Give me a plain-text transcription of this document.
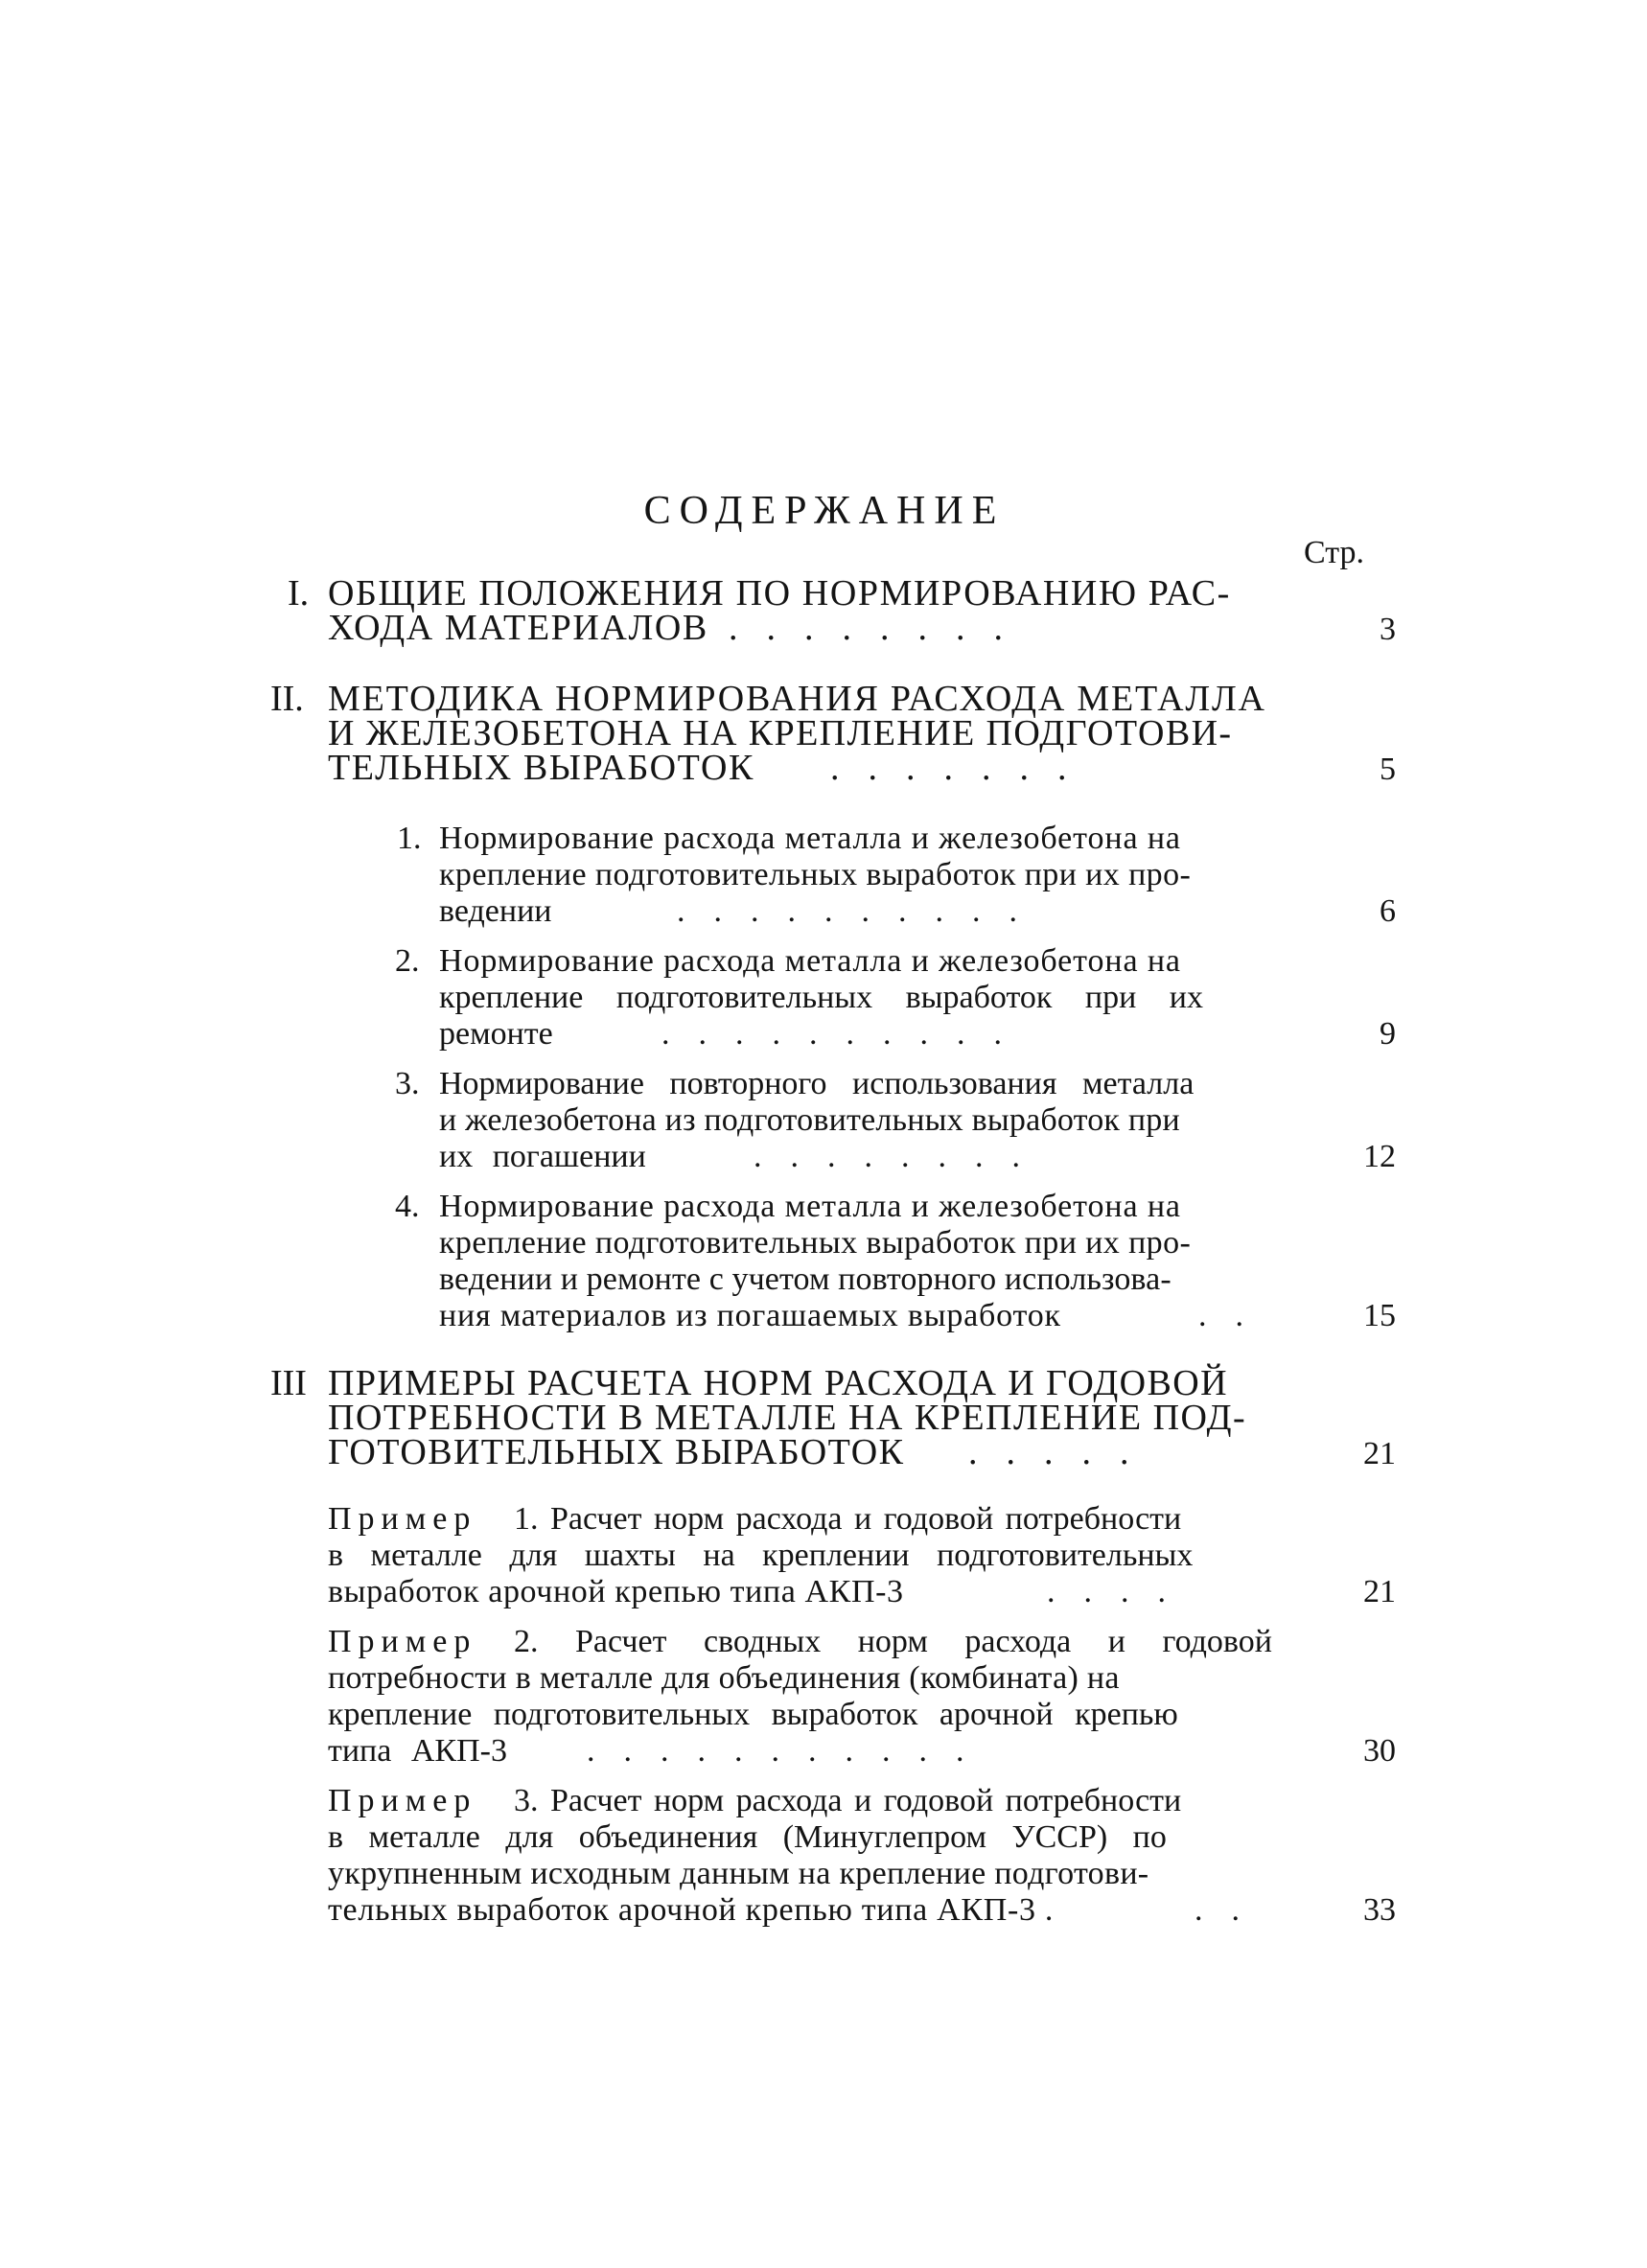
СОДЕРЖАНИЕ
Стр.
I. ОБЩИЕ ПОЛОЖЕНИЯ ПО НОРМИРОВАНИЮ РАС-
ХОДА МАТЕРИАЛОВ ........	3
II. МЕТОДИКА НОРМИРОВАНИЯ РАСХОДА МЕТАЛЛА
И ЖЕЛЕЗОБЕТОНА НА КРЕПЛЕНИЕ ПОДГОТОВИ-
ТЕЛЬНЫХ ВЫРАБОТОК .......	5
1. Нормирование расхода металла и железобетона на
крепление подготовительных выработок при их про-
ведении	..........	6
2. Нормирование расхода металла и железобетона на
крепление подготовительных выработок при их
ремонте	..........	9
3. Нормирование повторного использования металла
и железобетона из подготовительных выработок при
их погашении	........	12
4. Нормирование расхода металла и железобетона на
крепление подготовительных выработок при их про-
ведении и ремонте с учетом повторного использова-
ния материалов из погашаемых выработок	..	15
III ПРИМЕРЫ РАСЧЕТА НОРМ РАСХОДА И ГОДОВОЙ
ПОТРЕБНОСТИ В МЕТАЛЛЕ НА КРЕПЛЕНИЕ ПОД-
ГОТОВИТЕЛЬНЫХ ВЫРАБОТОК .....	21
Пример 1. Расчет норм расхода и годовой потребности
в металле для шахты на креплении подготовительных
выработок арочной крепью типа АКП-3	....	21
Пример 2. Расчет сводных норм расхода и годовой
потребности в металле для объединения (комбината) на
крепление подготовительных выработок арочной крепью
типа АКП-3 ...........	30
Пример 3. Расчет норм расхода и годовой потребности
в металле для объединения (Минуглепром УССР) по
укрупненным исходным данным на крепление подготови-
тельных выработок арочной крепью типа АКП-3 .	..	33
